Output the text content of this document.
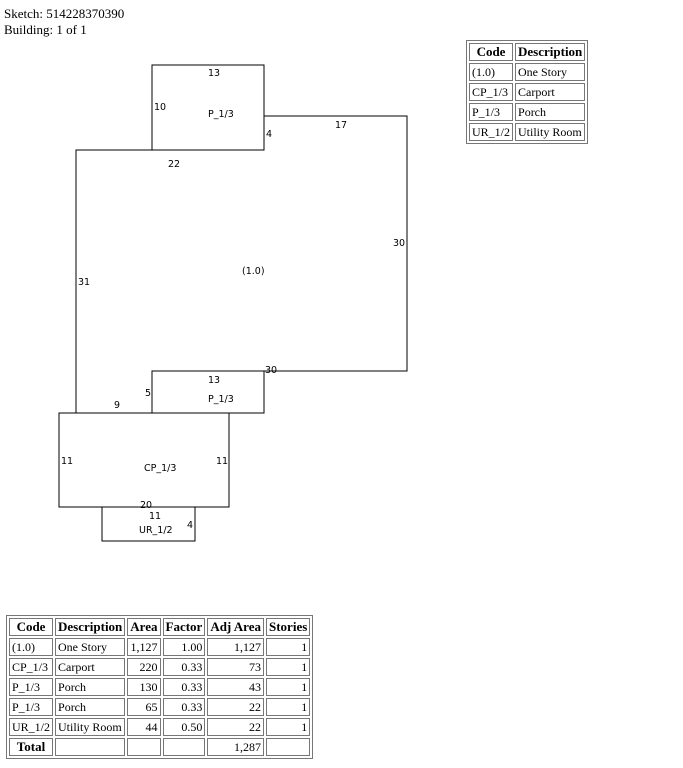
Sketch: 514228370390
Building: 1 of 1
13
10
P_1/3
4
17
22
30
(1.0)
31
30
13
5
P_1/3
9
11	11
CP_1/3
20
11
UR_1/2 4
Code	Description
(1.0)	One Story
CP_1/3	Carport
P_1/3	Porch
UR_1/2	Utility Room
Code	Description	Area	Factor	Adj Area	Stories
(1.0)	One Story	1,127	1.00	1,127	1
CP_1/3	Carport	220	0.33	73	1
P_1/3	Porch	130	0.33	43	1
P_1/3	Porch	65	0.33	22	1
UR_1/2	Utility Room	44	0.50	22	1
Total				1,287	
